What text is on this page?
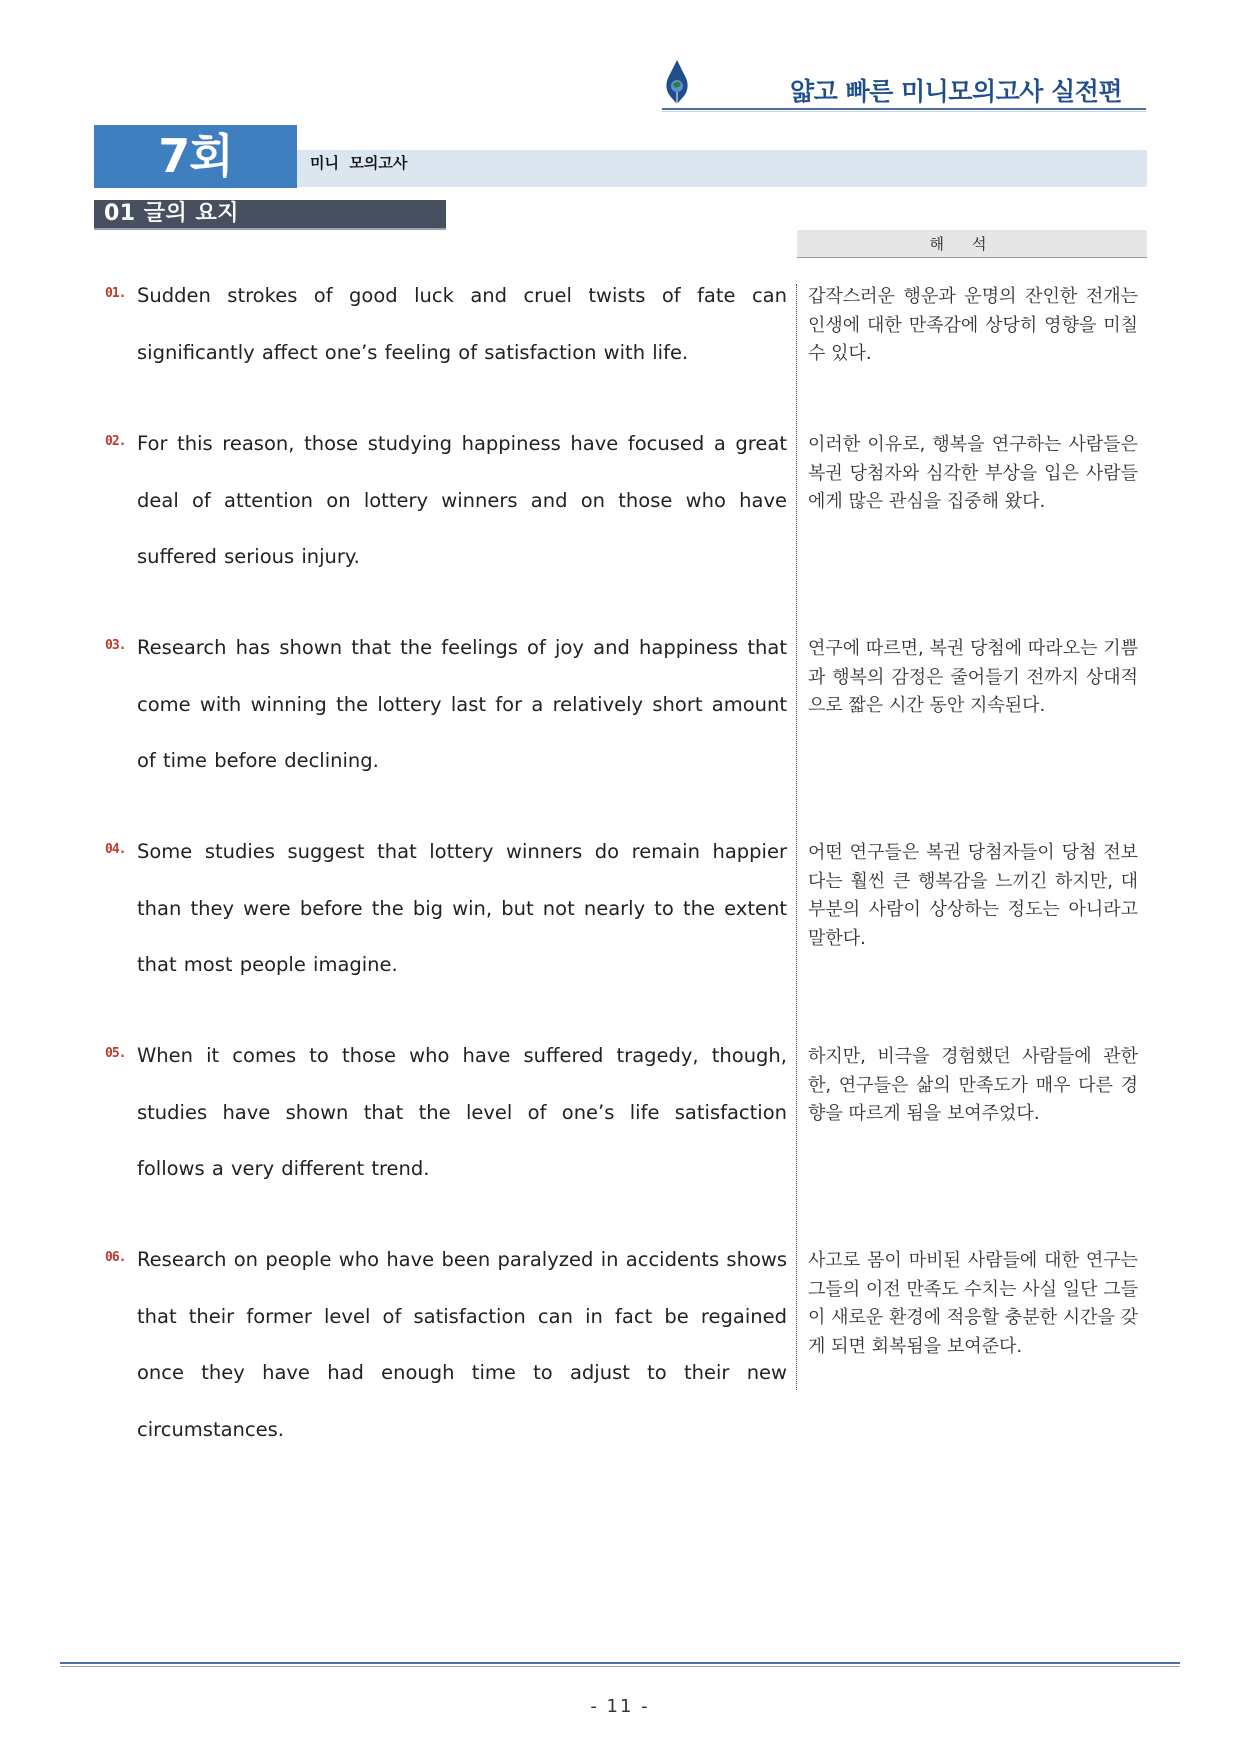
얇고 빠른 미니모의고사 실전편
7회	미니  모의고사
01 글의 요지
해석
01. Sudden strokes of good luck and cruel twists of fate can significantly affect one’s feeling of satisfaction with life.
갑작스러운 행운과 운명의 잔인한 전개는 인생에 대한 만족감에 상당히 영향을 미칠 수 있다.
02. For this reason, those studying happiness have focused a great deal of attention on lottery winners and on those who have suffered serious injury.
이러한 이유로, 행복을 연구하는 사람들은 복권 당첨자와 심각한 부상을 입은 사람들에게 많은 관심을 집중해 왔다.
03. Research has shown that the feelings of joy and happiness that come with winning the lottery last for a relatively short amount of time before declining.
연구에 따르면, 복권 당첨에 따라오는 기쁨과 행복의 감정은 줄어들기 전까지 상대적으로 짧은 시간 동안 지속된다.
04. Some studies suggest that lottery winners do remain happier than they were before the big win, but not nearly to the extent that most people imagine.
어떤 연구들은 복권 당첨자들이 당첨 전보다는 훨씬 큰 행복감을 느끼긴 하지만, 대부분의 사람이 상상하는 정도는 아니라고 말한다.
05. When it comes to those who have suffered tragedy, though, studies have shown that the level of one’s life satisfaction follows a very different trend.
하지만, 비극을 경험했던 사람들에 관한 한, 연구들은 삶의 만족도가 매우 다른 경향을 따르게 됨을 보여주었다.
06. Research on people who have been paralyzed in accidents shows that their former level of satisfaction can in fact be regained once they have had enough time to adjust to their new circumstances.
사고로 몸이 마비된 사람들에 대한 연구는 그들의 이전 만족도 수치는 사실 일단 그들이 새로운 환경에 적응할 충분한 시간을 갖게 되면 회복됨을 보여준다.
- 11 -
